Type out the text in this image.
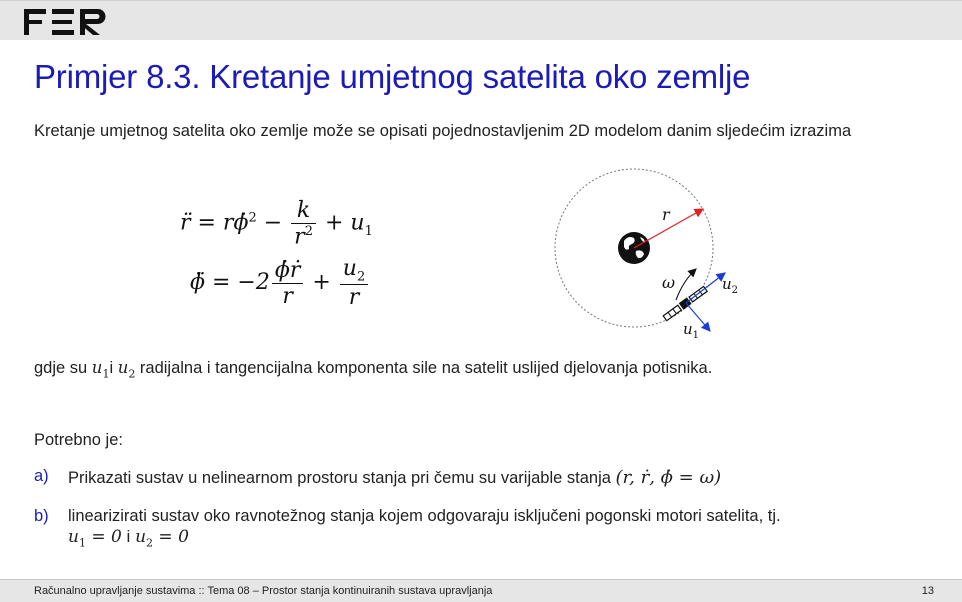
Primjer 8.3. Kretanje umjetnog satelita oko zemlje
Kretanje umjetnog satelita oko zemlje može se opisati pojednostavljenim 2D modelom danim sljedećim izrazima
r̈ = rϕ̇$^2$ − $\frac{k}{r^2} + u_1$
ϕ̈ = $-2 \frac{\text{ϕ̇ṙ}}{r} + \frac{u_2}{r}$
r
ω	$u_2$
$u_1$
gdje su $u_1i$ $u_2$ radijalna i tangencijalna komponenta sile na satelit uslijed djelovanja potisnika.
Potrebno je:
a) Prikazati sustav u nelinearnom prostoru stanja pri čemu su varijable stanja (r, ṙ, ϕ̇ = ω)
b) linearizirati sustav oko ravnotežnog stanja kojem odgovaraju isključeni pogonski motori satelita, tj.
$u_1 = 0$ i $u_2 = 0$
Računalno upravljanje sustavima :: Tema 08 – Prostor stanja kontinuiranih sustava upravljanja	13
